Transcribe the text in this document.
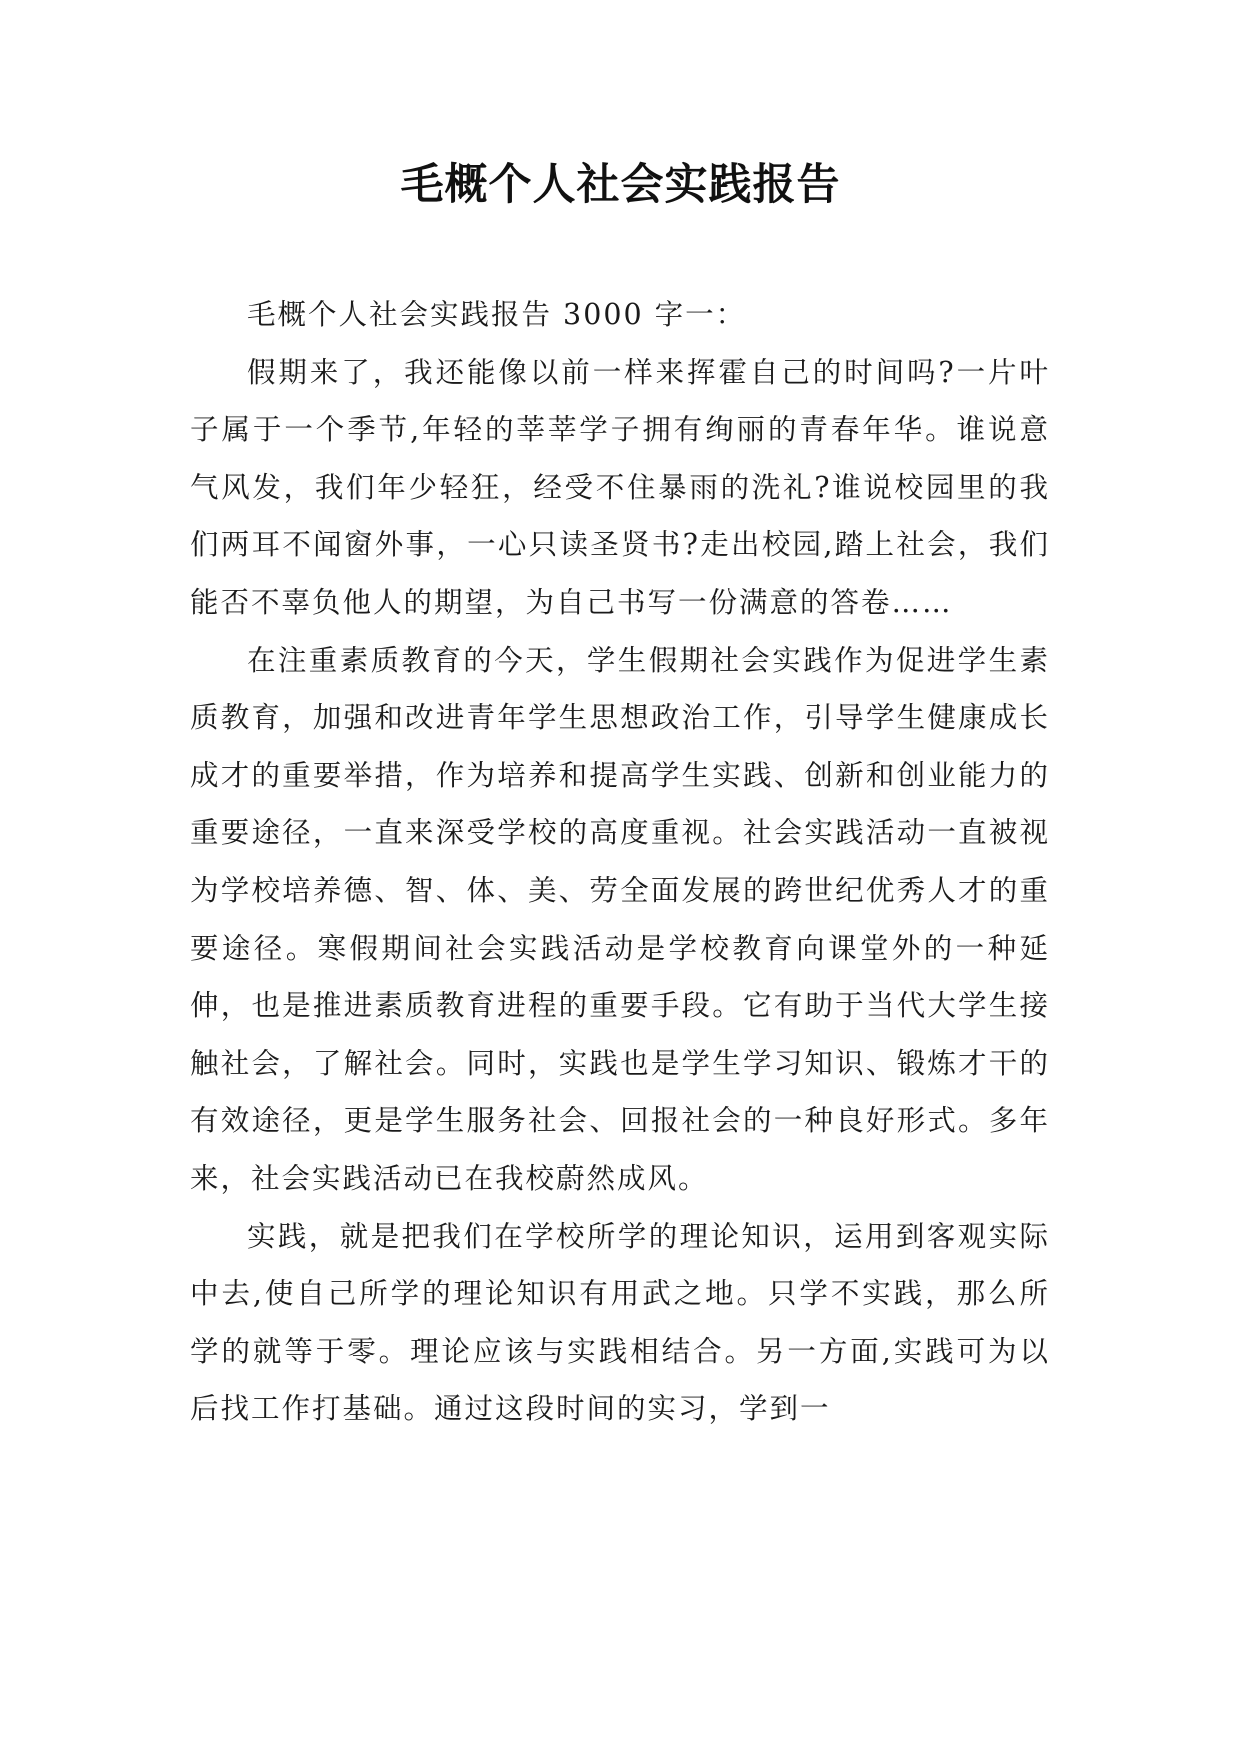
毛概个人社会实践报告

毛概个人社会实践报告 3000 字一：

假期来了，我还能像以前一样来挥霍自己的时间吗?一片叶子属于一个季节,年轻的莘莘学子拥有绚丽的青春年华。谁说意气风发，我们年少轻狂，经受不住暴雨的洗礼?谁说校园里的我们两耳不闻窗外事，一心只读圣贤书?走出校园,踏上社会，我们能否不辜负他人的期望，为自己书写一份满意的答卷……

在注重素质教育的今天，学生假期社会实践作为促进学生素质教育，加强和改进青年学生思想政治工作，引导学生健康成长成才的重要举措，作为培养和提高学生实践、创新和创业能力的重要途径，一直来深受学校的高度重视。社会实践活动一直被视为学校培养德、智、体、美、劳全面发展的跨世纪优秀人才的重要途径。寒假期间社会实践活动是学校教育向课堂外的一种延伸，也是推进素质教育进程的重要手段。它有助于当代大学生接触社会，了解社会。同时，实践也是学生学习知识、锻炼才干的有效途径，更是学生服务社会、回报社会的一种良好形式。多年来，社会实践活动已在我校蔚然成风。

实践，就是把我们在学校所学的理论知识，运用到客观实际中去,使自己所学的理论知识有用武之地。只学不实践，那么所学的就等于零。理论应该与实践相结合。另一方面,实践可为以后找工作打基础。通过这段时间的实习，学到一
